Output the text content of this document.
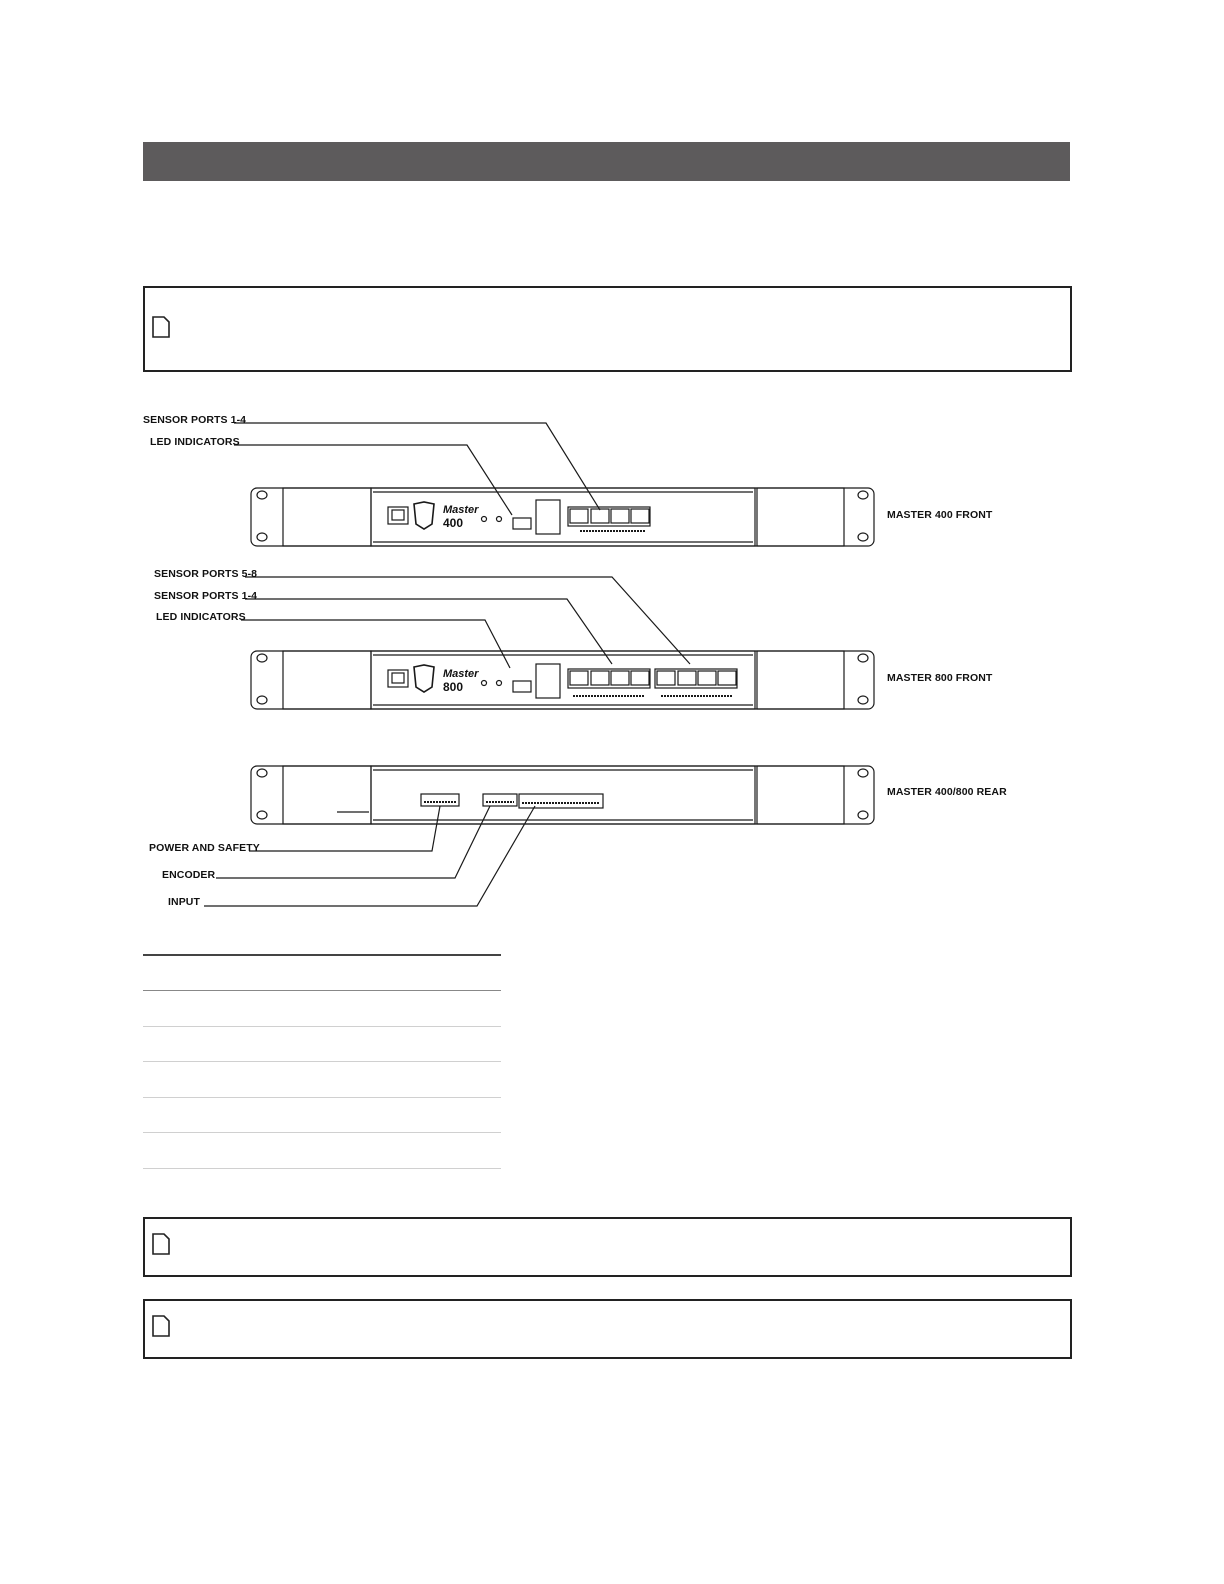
Master
400
Master
800
SENSOR PORTS 1-4
LED INDICATORS
MASTER 400 FRONT
SENSOR PORTS 5-8
SENSOR PORTS 1-4
LED INDICATORS
MASTER 800 FRONT
MASTER 400/800 REAR
POWER AND SAFETY
ENCODER
INPUT
